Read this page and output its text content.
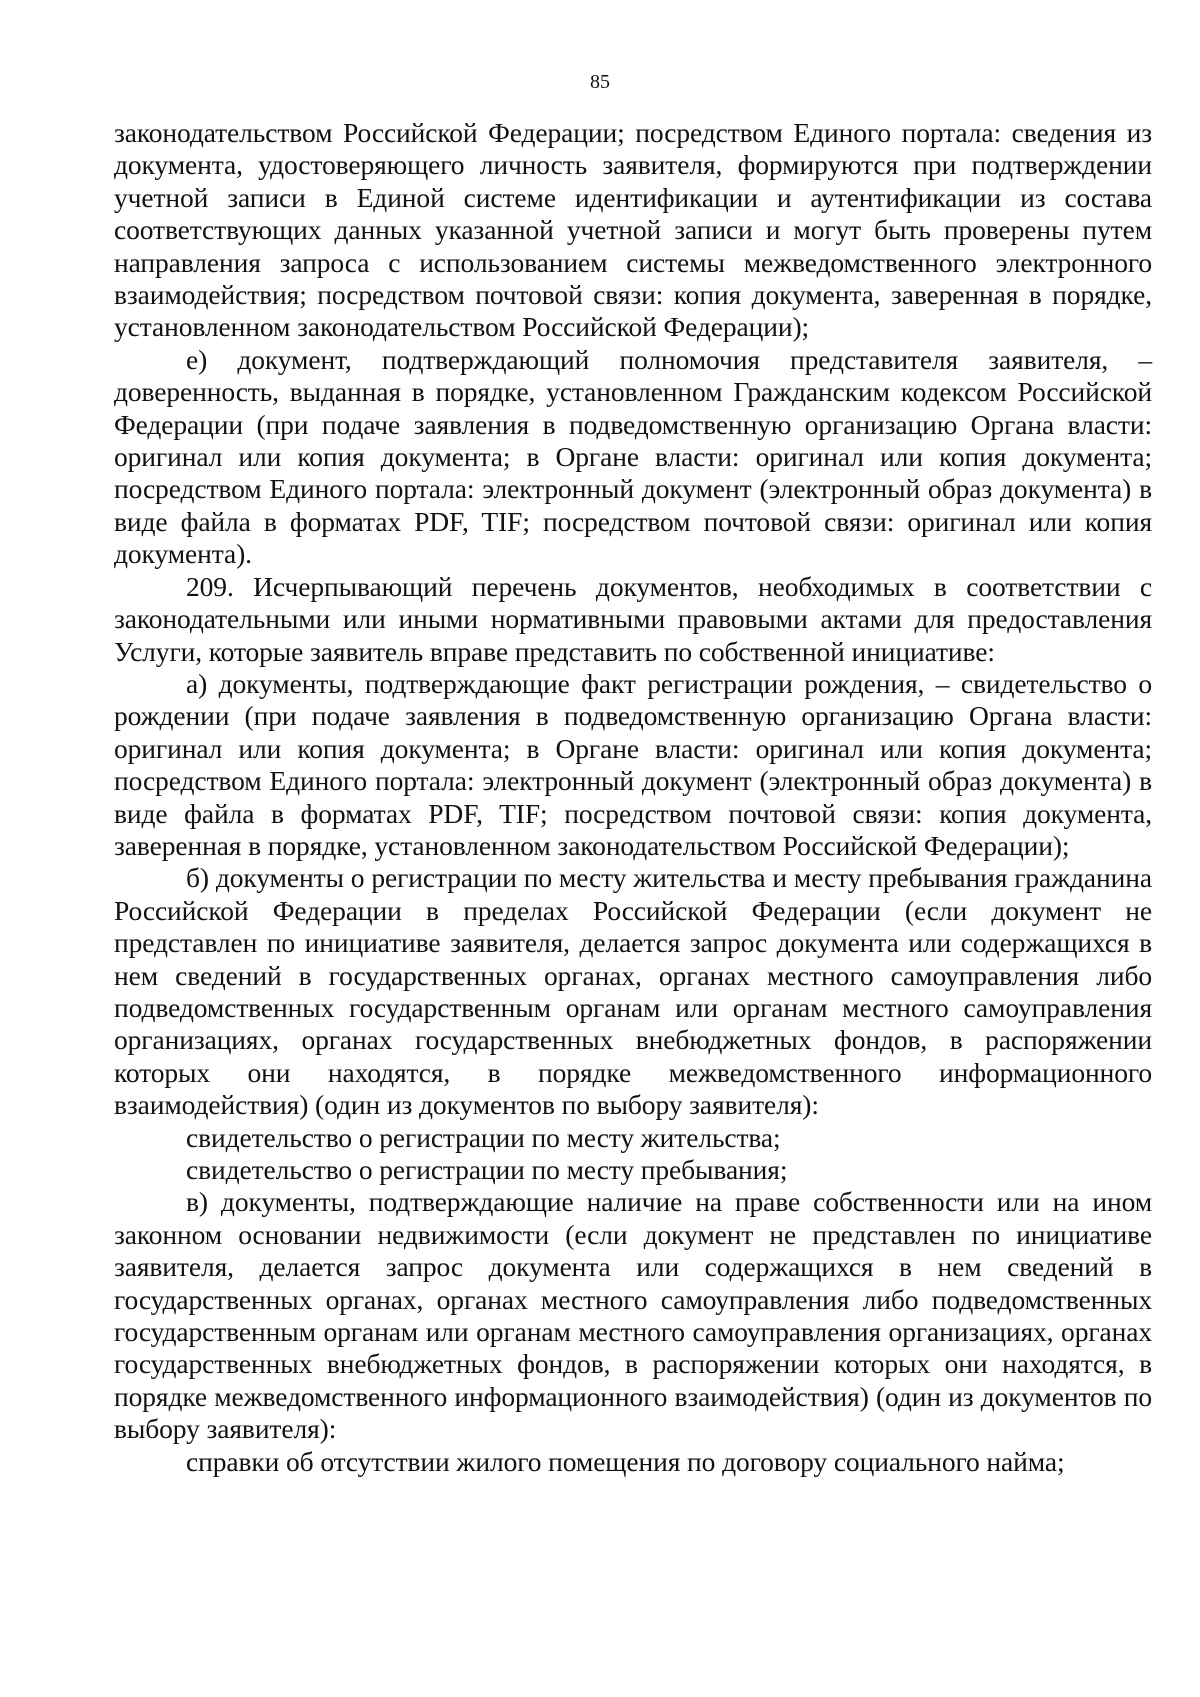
85

законодательством Российской Федерации; посредством Единого портала: сведения из документа, удостоверяющего личность заявителя, формируются при подтверждении учетной записи в Единой системе идентификации и аутентификации из состава соответствующих данных указанной учетной записи и могут быть проверены путем направления запроса с использованием системы межведомственного электронного взаимодействия; посредством почтовой связи: копия документа, заверенная в порядке, установленном законодательством Российской Федерации);

е) документ, подтверждающий полномочия представителя заявителя, – доверенность, выданная в порядке, установленном Гражданским кодексом Российской Федерации (при подаче заявления в подведомственную организацию Органа власти: оригинал или копия документа; в Органе власти: оригинал или копия документа; посредством Единого портала: электронный документ (электронный образ документа) в виде файла в форматах PDF, TIF; посредством почтовой связи: оригинал или копия документа).

209. Исчерпывающий перечень документов, необходимых в соответствии с законодательными или иными нормативными правовыми актами для предоставления Услуги, которые заявитель вправе представить по собственной инициативе:

а) документы, подтверждающие факт регистрации рождения, – свидетельство о рождении (при подаче заявления в подведомственную организацию Органа власти: оригинал или копия документа; в Органе власти: оригинал или копия документа; посредством Единого портала: электронный документ (электронный образ документа) в виде файла в форматах PDF, TIF; посредством почтовой связи: копия документа, заверенная в порядке, установленном законодательством Российской Федерации);

б) документы о регистрации по месту жительства и месту пребывания гражданина Российской Федерации в пределах Российской Федерации (если документ не представлен по инициативе заявителя, делается запрос документа или содержащихся в нем сведений в государственных органах, органах местного самоуправления либо подведомственных государственным органам или органам местного самоуправления организациях, органах государственных внебюджетных фондов, в распоряжении которых они находятся, в порядке межведомственного информационного взаимодействия) (один из документов по выбору заявителя):

свидетельство о регистрации по месту жительства;

свидетельство о регистрации по месту пребывания;

в) документы, подтверждающие наличие на праве собственности или на ином законном основании недвижимости (если документ не представлен по инициативе заявителя, делается запрос документа или содержащихся в нем сведений в государственных органах, органах местного самоуправления либо подведомственных государственным органам или органам местного самоуправления организациях, органах государственных внебюджетных фондов, в распоряжении которых они находятся, в порядке межведомственного информационного взаимодействия) (один из документов по выбору заявителя):

справки об отсутствии жилого помещения по договору социального найма;
